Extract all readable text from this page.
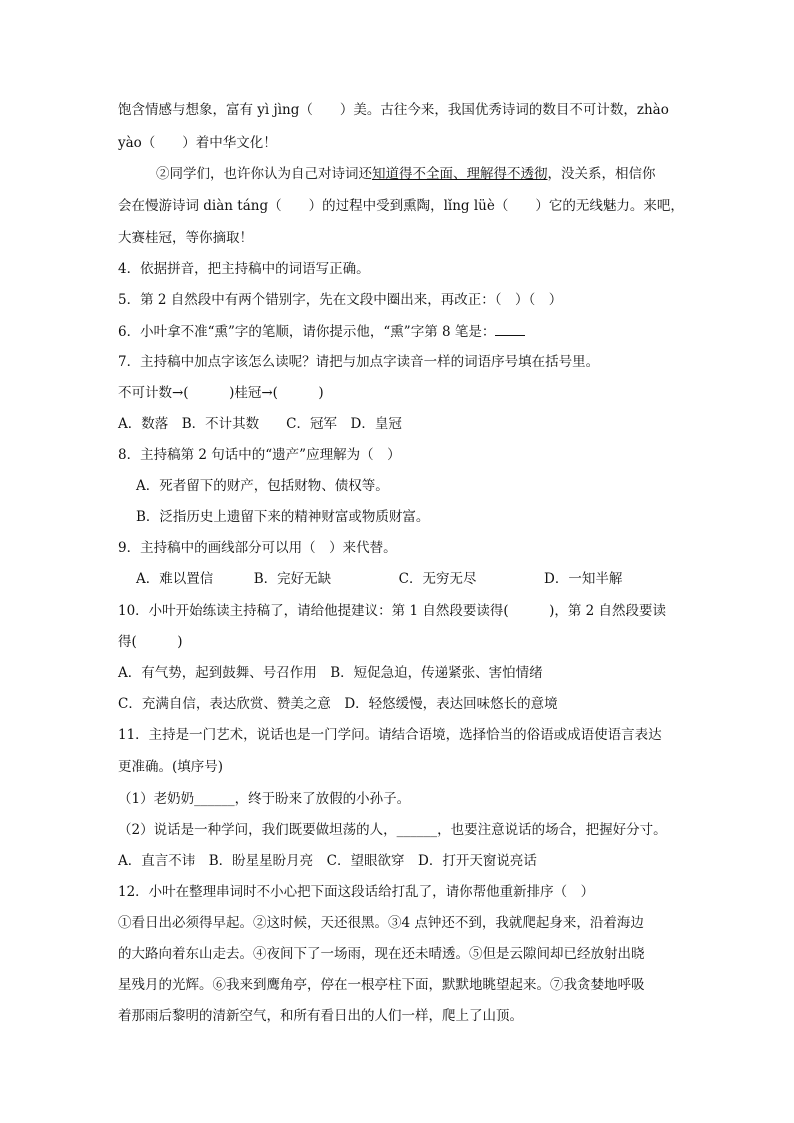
饱含情感与想象，富有 yì jìng（　　）美。古往今来，我国优秀诗词的数目不可计数，zhào
yào（　　）着中华文化！
②同学们，也许你认为自己对诗词还知道得不全面、理解得不透彻，没关系，相信你
会在慢游诗词 diàn táng（　　）的过程中受到熏陶，lǐng lüè（　　）它的无线魅力。来吧，
大赛桂冠，等你摘取！
4．依据拼音，把主持稿中的词语写正确。
5．第 2 自然段中有两个错别字，先在文段中圈出来，再改正：（　）（　）
6．小叶拿不准“熏”字的笔顺，请你提示他，“熏”字第 8 笔是：
7．主持稿中加点字该怎么读呢？请把与加点字读音一样的词语序号填在括号里。
不可计数→(　　　)桂冠→(　　　)
A．数落　B．不计其数　　C．冠军　D．皇冠
8．主持稿第 2 句话中的“遗产”应理解为（　）
A．死者留下的财产，包括财物、债权等。
B．泛指历史上遗留下来的精神财富或物质财富。
9．主持稿中的画线部分可以用（　）来代替。
A．难以置信　　　B．完好无缺　　　　　C．无穷无尽　　　　　D．一知半解
10．小叶开始练读主持稿了，请给他提建议：第 1 自然段要读得(　　　)，第 2 自然段要读
得(　　　)
A．有气势，起到鼓舞、号召作用　B．短促急迫，传递紧张、害怕情绪
C．充满自信，表达欣赏、赞美之意　D．轻悠缓慢，表达回味悠长的意境
11．主持是一门艺术，说话也是一门学问。请结合语境，选择恰当的俗语或成语使语言表达
更准确。(填序号)
（1）老奶奶______，终于盼来了放假的小孙子。
（2）说话是一种学问，我们既要做坦荡的人，______，也要注意说话的场合，把握好分寸。
A．直言不讳　B．盼星星盼月亮　C．望眼欲穿　D．打开天窗说亮话
12．小叶在整理串词时不小心把下面这段话给打乱了，请你帮他重新排序（　）
①看日出必须得早起。②这时候，天还很黑。③4 点钟还不到，我就爬起身来，沿着海边
的大路向着东山走去。④夜间下了一场雨，现在还未晴透。⑤但是云隙间却已经放射出晓
星残月的光辉。⑥我来到鹰角亭，停在一根亭柱下面，默默地眺望起来。⑦我贪婪地呼吸
着那雨后黎明的清新空气，和所有看日出的人们一样，爬上了山顶。
